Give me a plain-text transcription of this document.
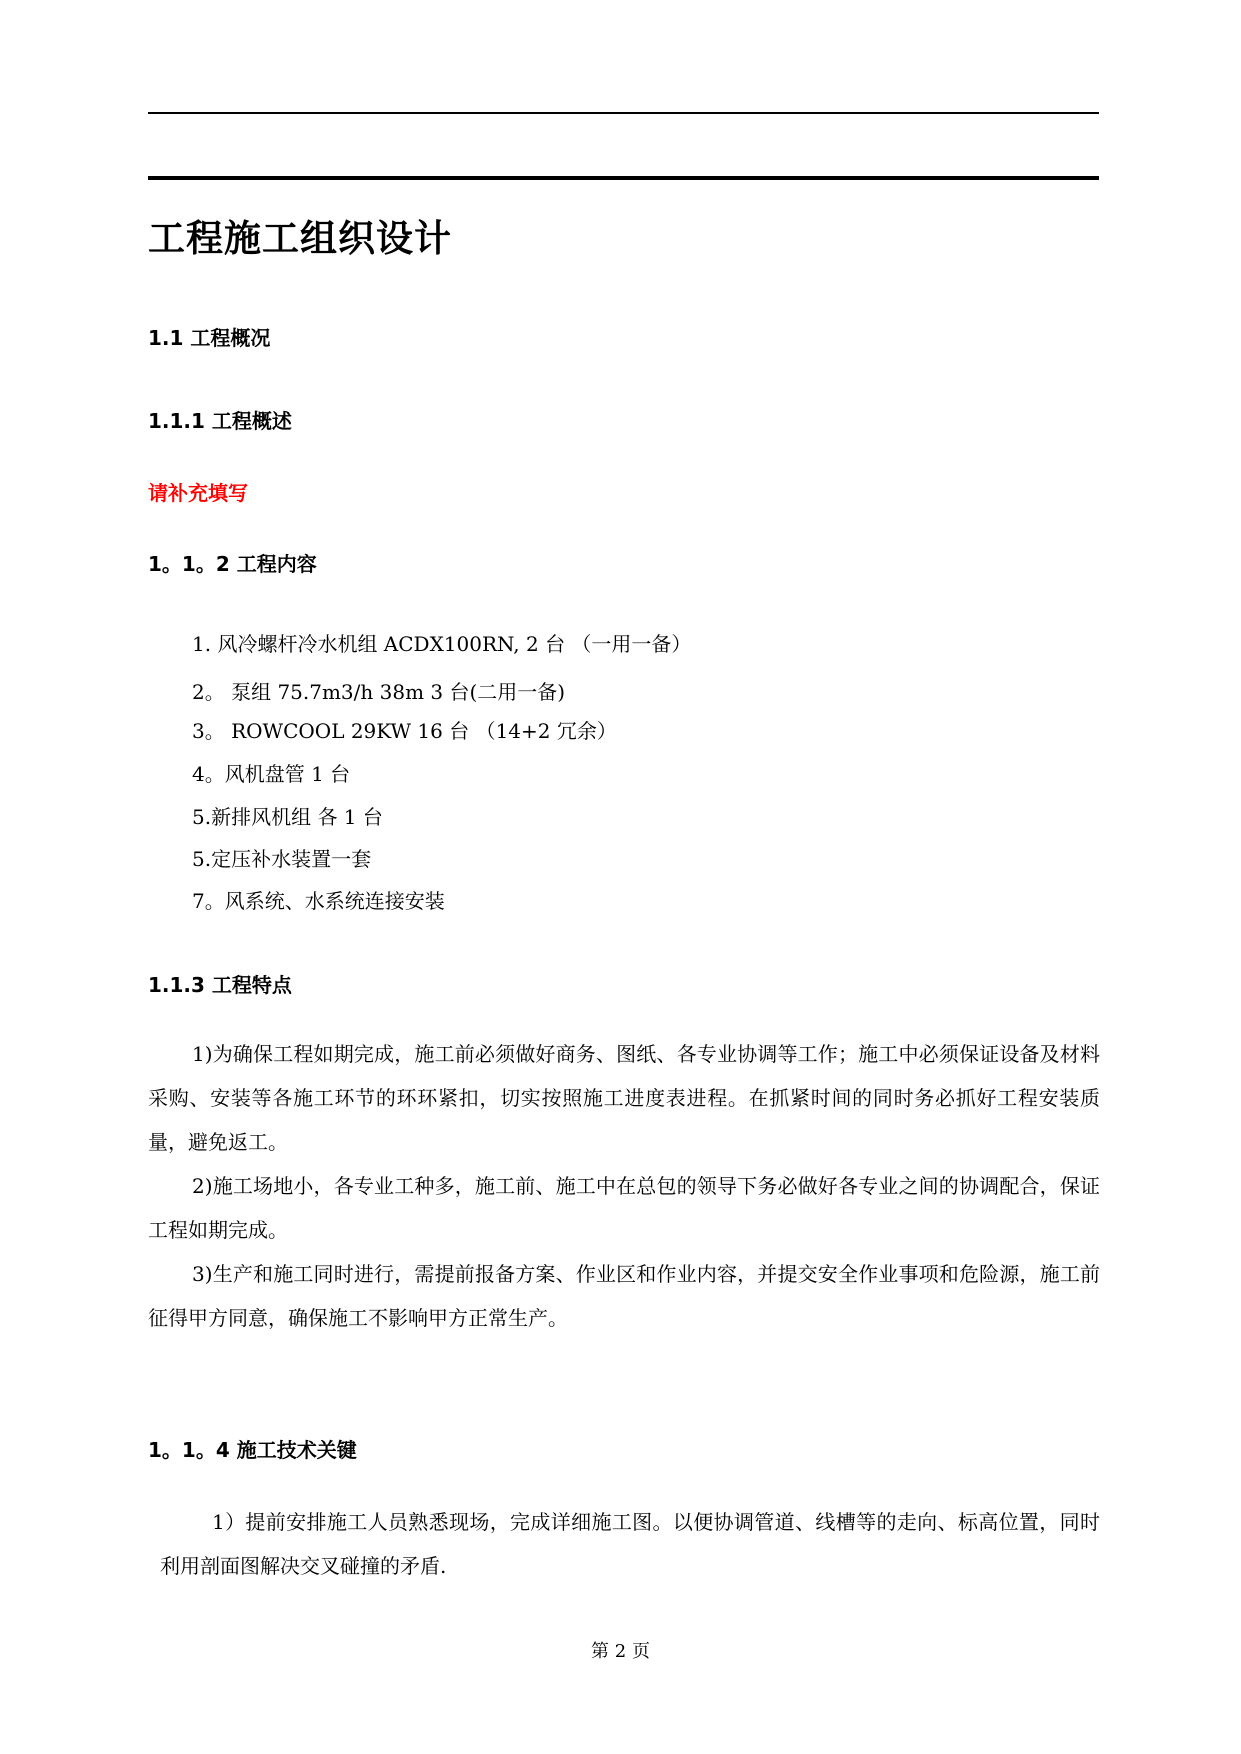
工程施工组织设计
1.1 工程概况
1.1.1 工程概述
请补充填写
1。1。2 工程内容
1. 风冷螺杆冷水机组 ACDX100RN, 2 台 （一用一备）
2。 泵组 75.7m3/h 38m 3 台(二用一备)
3。 ROWCOOL 29KW 16 台 （14+2 冗余）
4。风机盘管 1 台
5.新排风机组 各 1 台
5.定压补水装置一套
7。风系统、水系统连接安装
1.1.3 工程特点

1)为确保工程如期完成，施工前必须做好商务、图纸、各专业协调等工作；施工中必须保证设备及材料采购、安装等各施工环节的环环紧扣，切实按照施工进度表进程。在抓紧时间的同时务必抓好工程安装质量，避免返工。

2)施工场地小，各专业工种多，施工前、施工中在总包的领导下务必做好各专业之间的协调配合，保证工程如期完成。

3)生产和施工同时进行，需提前报备方案、作业区和作业内容，并提交安全作业事项和危险源，施工前征得甲方同意，确保施工不影响甲方正常生产。

1。1。4 施工技术关键

1）提前安排施工人员熟悉现场，完成详细施工图。以便协调管道、线槽等的走向、标高位置，同时利用剖面图解决交叉碰撞的矛盾.

第 2 页
